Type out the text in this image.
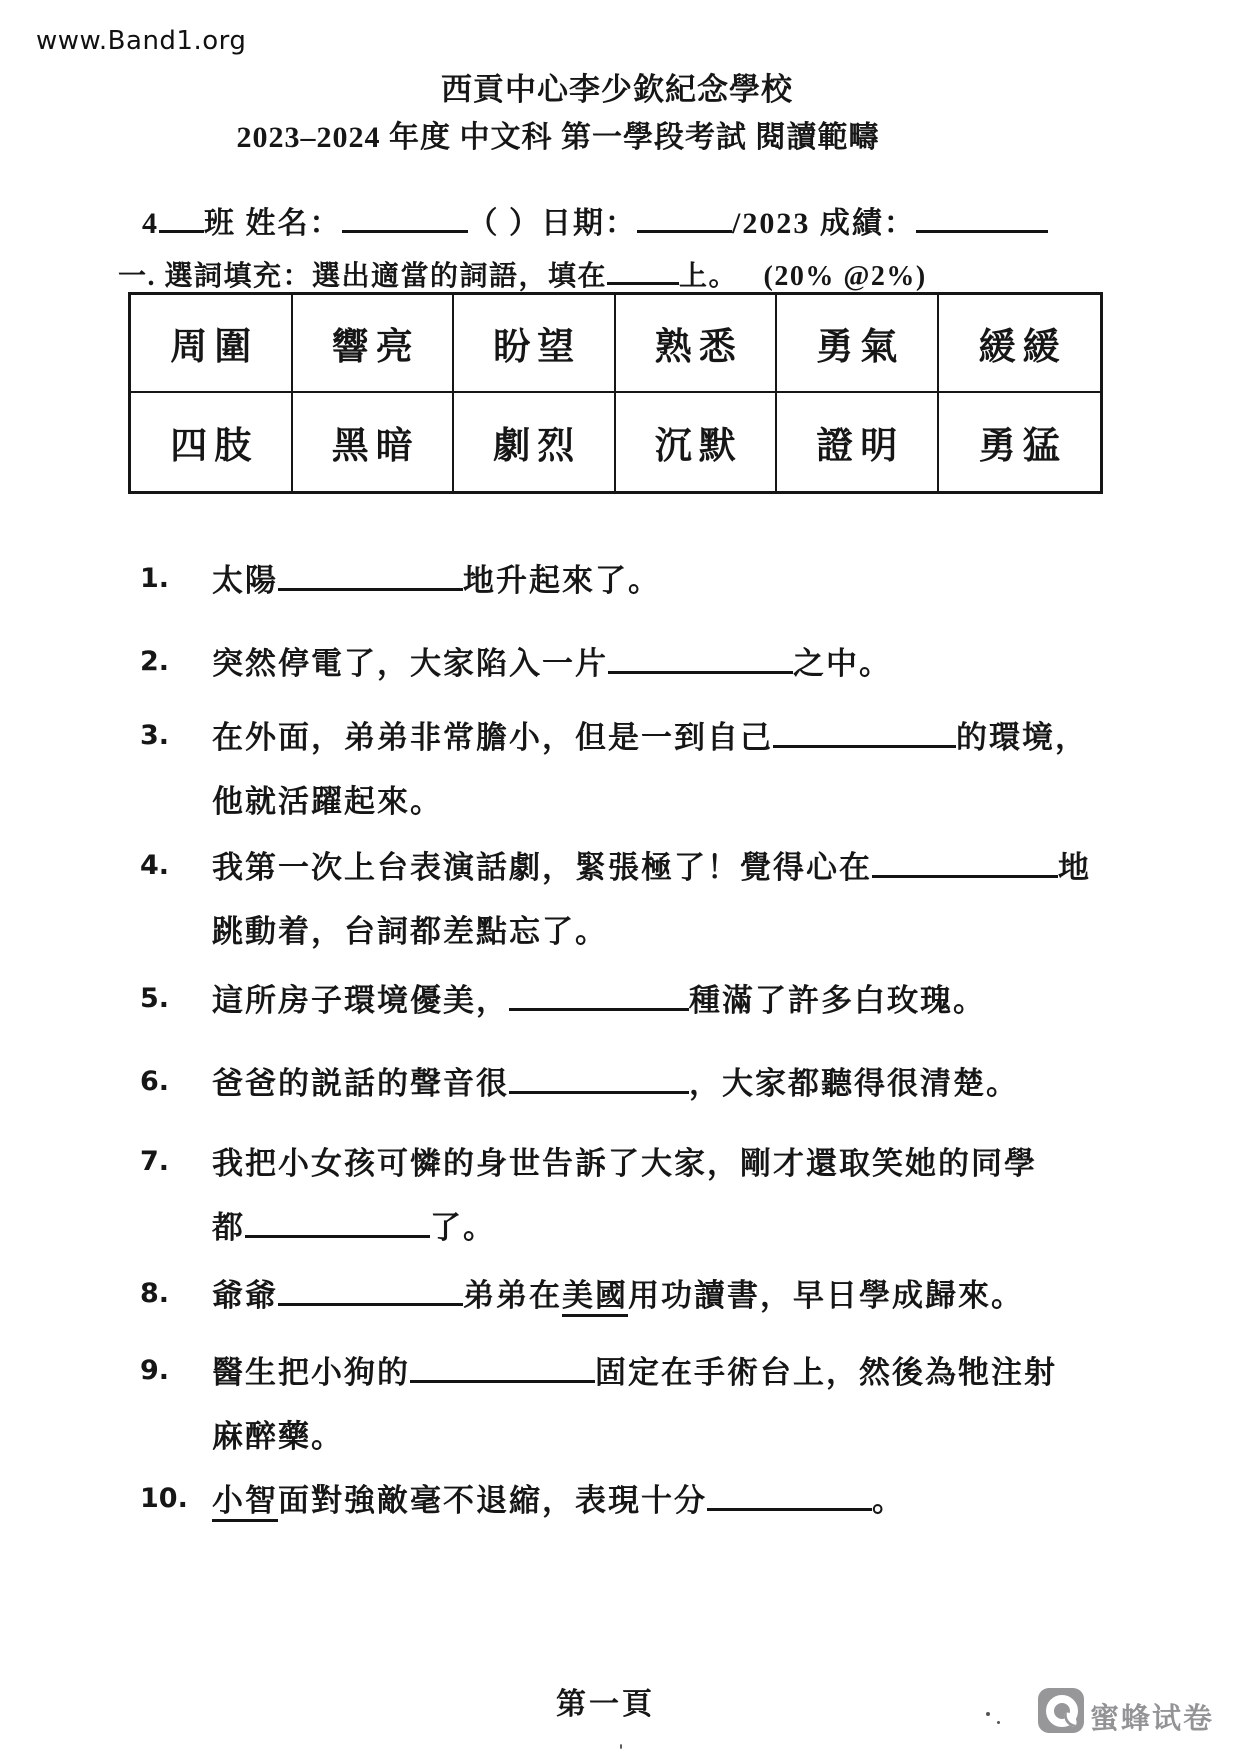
www.Band1.org
西貢中心李少欽紀念學校
2023–2024 年度 中文科 第一學段考試 閱讀範疇
4 班 姓名：	（ ）日期：	/2023 成績：
一. 選詞填充：選出適當的詞語，填在	上。 (20% @2%)
周圍	響亮	盼望	熟悉	勇氣	緩緩
四肢	黑暗	劇烈	沉默	證明	勇猛
1. 太陽	地升起來了。
2. 突然停電了，大家陷入一片	之中。
3. 在外面，弟弟非常膽小，但是一到自己	的環境，
他就活躍起來。
4. 我第一次上台表演話劇，緊張極了！覺得心在	地
跳動着，台詞都差點忘了。
5. 這所房子環境優美，	種滿了許多白玫瑰。
6. 爸爸的説話的聲音很	，大家都聽得很清楚。
7. 我把小女孩可憐的身世告訴了大家，剛才還取笑她的同學
都	了。
8. 爺爺	弟弟在美國用功讀書，早日學成歸來。
9. 醫生把小狗的	固定在手術台上，然後為牠注射
麻醉藥。
10. 小智面對強敵毫不退縮，表現十分	。
第一頁	蜜蜂试卷
